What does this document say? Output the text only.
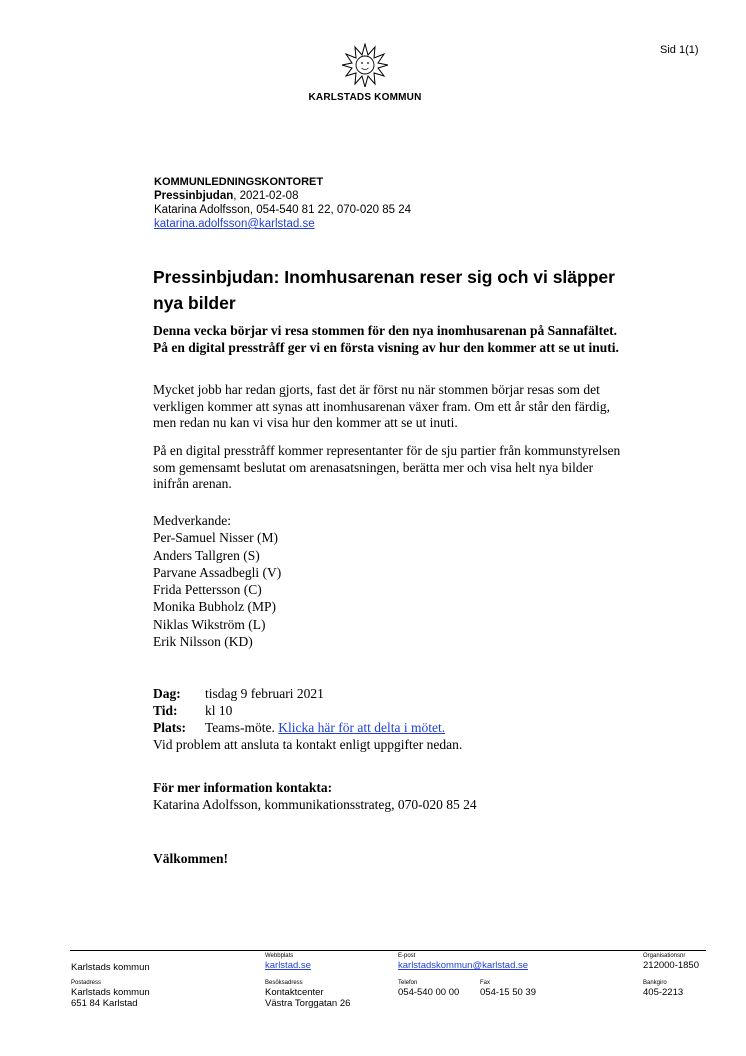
Sid 1(1)
KARLSTADS KOMMUN
KOMMUNLEDNINGSKONTORET
Pressinbjudan, 2021-02-08
Katarina Adolfsson, 054-540 81 22, 070-020 85 24
katarina.adolfsson@karlstad.se
Pressinbjudan: Inomhusarenan reser sig och vi släpper nya bilder
Denna vecka börjar vi resa stommen för den nya inomhusarenan på Sannafältet. På en digital presstråff ger vi en första visning av hur den kommer att se ut inuti.
Mycket jobb har redan gjorts, fast det är först nu när stommen börjar resas som det verkligen kommer att synas att inomhusarenan växer fram. Om ett år står den färdig, men redan nu kan vi visa hur den kommer att se ut inuti.
På en digital presstråff kommer representanter för de sju partier från kommunstyrelsen som gemensamt beslutat om arenasatsningen, berätta mer och visa helt nya bilder inifrån arenan.
Medverkande:
Per-Samuel Nisser (M)
Anders Tallgren (S)
Parvane Assadbegli (V)
Frida Pettersson (C)
Monika Bubholz (MP)
Niklas Wikström (L)
Erik Nilsson (KD)
Dag: tisdag 9 februari 2021
Tid: kl 10
Plats: Teams-möte. Klicka här för att delta i mötet.
Vid problem att ansluta ta kontakt enligt uppgifter nedan.
För mer information kontakta:
Katarina Adolfsson, kommunikationsstrateg, 070-020 85 24
Välkommen!
Karlstads kommun
Webbplats
karlstad.se
E-post
karlstadskommun@karlstad.se
Organisationsnr
212000-1850
Postadress
Karlstads kommun
651 84 Karlstad
Besöksadress
Kontaktcenter
Västra Torggatan 26
Telefon
054-540 00 00
Fax
054-15 50 39
Bankgiro
405-2213
